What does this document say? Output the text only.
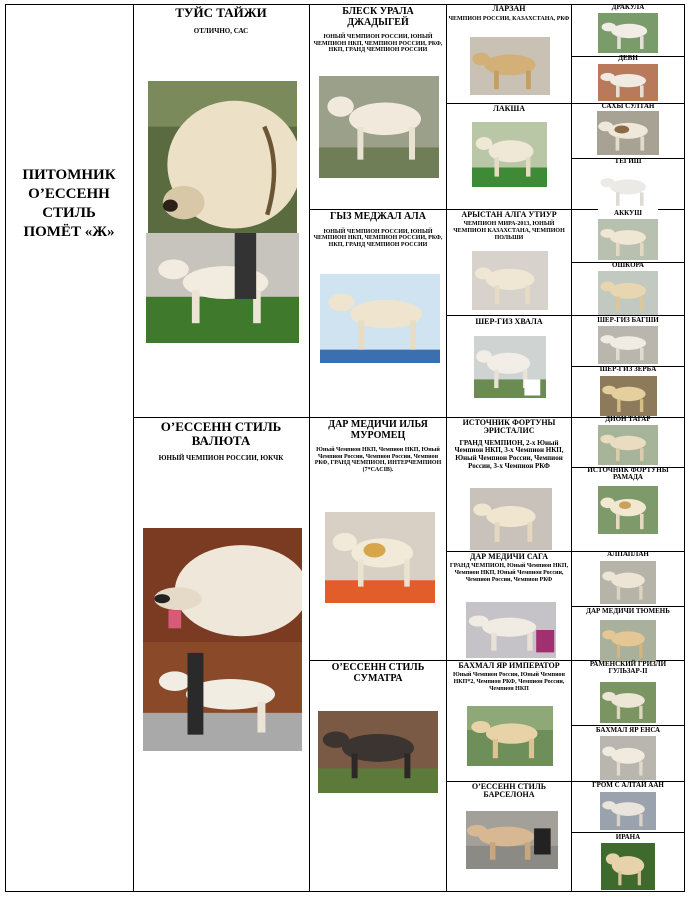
ПИТОМНИК
О’ЕССЕНН
СТИЛЬ
ПОМЁТ «Ж»

ТУЙС ТАЙЖИ

ОТЛИЧНО, САС

О’ЕССЕНН СТИЛЬ ВАЛЮТА

ЮНЫЙ ЧЕМПИОН РОССИИ, ЮКЧК

БЛЕСК УРАЛА ДЖАДЫГЕЙ

ЮНЫЙ ЧЕМПИОН РОССИИ, ЮНЫЙ ЧЕМПИОН НКП, ЧЕМПИОН РОССИИ, РКФ, НКП, ГРАНД ЧЕМПИОН РОССИИ

ГЫЗ МЕДЖАЛ АЛА

ЮНЫЙ ЧЕМПИОН РОССИИ, ЮНЫЙ ЧЕМПИОН НКП, ЧЕМПИОН РОССИИ, РКФ, НКП, ГРАНД ЧЕМПИОН РОССИИ

ДАР МЕДИЧИ ИЛЬЯ МУРОМЕЦ

Юный Чемпион НКП, Чемпион НКП, Юный Чемпион России, Чемпион России, Чемпион РКФ, ГРАНД ЧЕМПИОН, ИНТЕРЧЕМПИОН (7*CACIB).

О’ЕССЕНН СТИЛЬ СУМАТРА

ЛАРЗАН

ЧЕМПИОН РОССИИ, КАЗАХСТАНА, РКФ

ЛАКША

АРЫСТАН АЛГА УТИУР

ЧЕМПИОН МИРА-2013, ЮНЫЙ ЧЕМПИОН КАЗАХСТАНА, ЧЕМПИОН ПОЛЬШИ

ШЕР-ГИЗ ХВАЛА

ИСТОЧНИК ФОРТУНЫ ЭРИСТАЛИС

ГРАНД ЧЕМПИОН, 2-х Юный Чемпион НКП, 3-х Чемпион НКП, Юный Чемпион России, Чемпион России, 3-х Чемпион РКФ

ДАР МЕДИЧИ САГА

ГРАНД ЧЕМПИОН, Юный Чемпион НКП, Чемпион НКП, Юный Чемпион России, Чемпион России, Чемпион РКФ

БАХМАЛ ЯР ИМПЕРАТОР

Юный Чемпион России, Юный Чемпион НКП*2, Чемпион РКФ, Чемпион России, Чемпион НКП

О’ЕССЕНН СТИЛЬ БАРСЕЛОНА

ДРАКУЛА

ДЕВИ

САХЫ СУЛТАН

ТЕГИШ

АККУШ

ОШКОРА

ШЕР-ГИЗ БАГШИ

ШЕР-ГИЗ ЗЕРБА

ДИОН ТАГАР

ИСТОЧНИК ФОРТУНЫ РАМАДА

АЛПАПЛАН

ДАР МЕДИЧИ ТЮМЕНЬ

РАМЕНСКИЙ ГРИЗЛИ ГУЛЬЗАР-II

БАХМАЛ ЯР ЕНСА

ГРОМ С АЛТАЙ ААН

ИРАНА
